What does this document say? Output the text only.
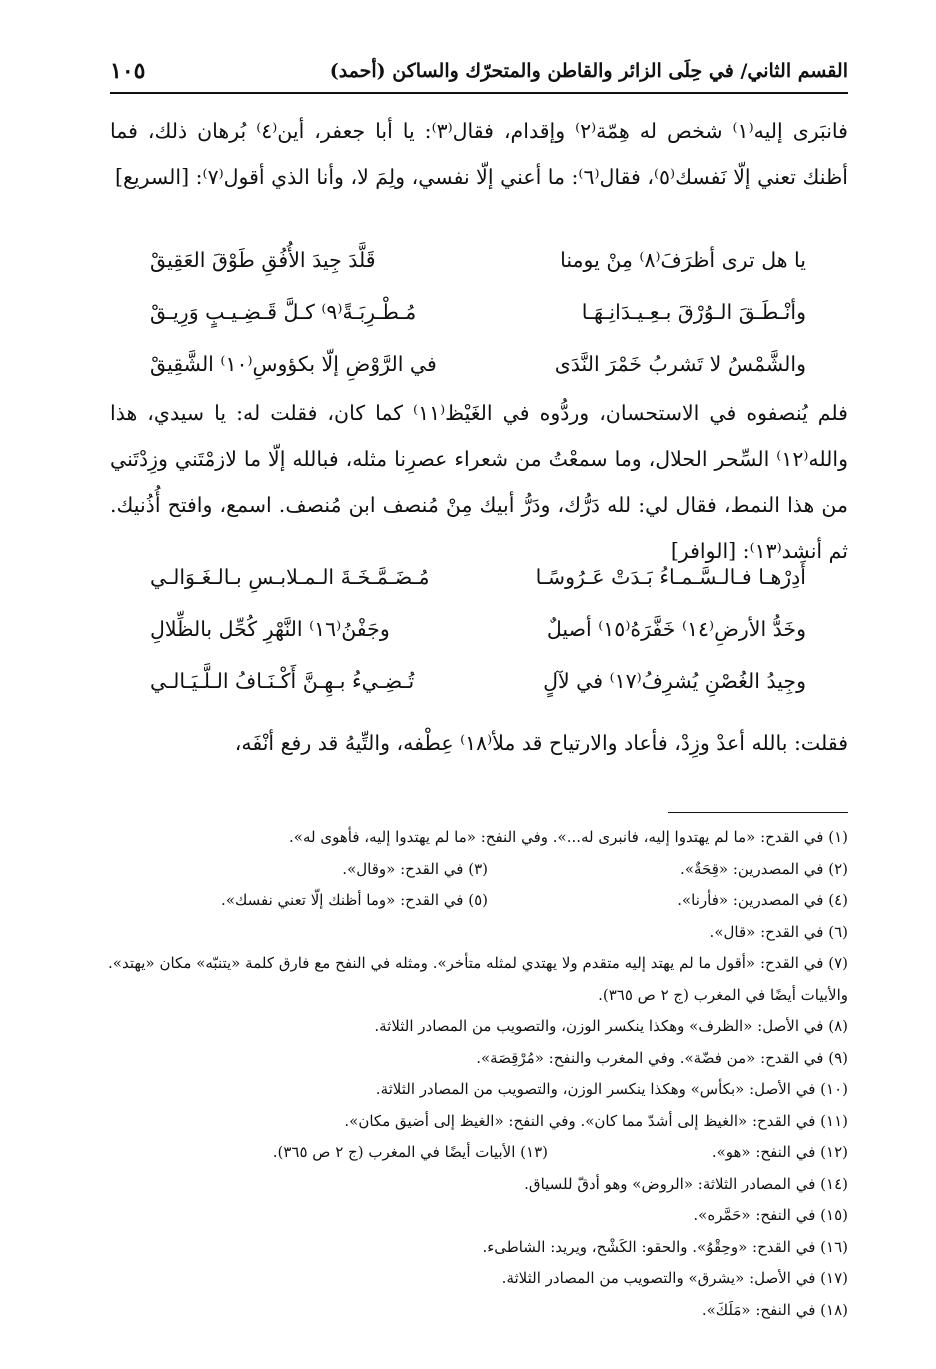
القسم الثاني/ في حِلَى الزائر والقاطن والمتحرّك والساكن (أحمد)
١٠٥

فانبَرى إليه⁽١⁾ شخص له هِمّة⁽٢⁾ وإقدام، فقال⁽٣⁾: يا أبا جعفر، أين⁽٤⁾ بُرهان ذلك، فما أظنك تعني إلّا نَفسك⁽٥⁾، فقال⁽٦⁾: ما أعني إلّا نفسي، ولِمَ لا، وأنا الذي أقول⁽٧⁾: [السريع]

يا هل ترى أظرَفَ⁽٨⁾ مِنْ يومنا
قَلَّدَ جِيدَ الأُفُقِ طَوْقَ العَقِيقْ
وأنْـطَـقَ الـوُرْقَ بـعِـيـدَانِـهَـا
مُـطْـرِبَـةً⁽٩⁾ كـلَّ قَـضِـيـبٍ وَرِيـقْ
والشَّمْسُ لا تَشربُ خَمْرَ النَّدَى
في الرَّوْضِ إلّا بكؤوسِ⁽١٠⁾ الشَّقِيقْ

فلم يُنصفوه في الاستحسان، وردُّوه في الغَيْظ⁽١١⁾ كما كان، فقلت له: يا سيدي، هذا والله⁽١٢⁾ السِّحر الحلال، وما سمعْتُ من شعراء عصرِنا مثله، فبالله إلّا ما لازمْتَني وزِدْتَني من هذا النمط، فقال لي: لله دَرُّك، ودَرُّ أبيك مِنْ مُنصف ابن مُنصف. اسمع، وافتح أُذُنيك. ثم أنشد⁽١٣⁾: [الوافر]

أَدِرْهـا فـالـسَّـمـاءُ بَـدَتْ عَـرُوسًـا
مُـضَـمَّـخَـةَ الـمـلابـسِ بـالـغَـوَالـي
وخَدُّ الأرضِ⁽١٤⁾ خَفَّرَهُ⁽١٥⁾ أصيلٌ
وجَفْنُ⁽١٦⁾ النَّهْرِ كُحِّل بالظِّلالِ
وجِيدُ الغُصْنِ يُشرِفُ⁽١٧⁾ في لآلٍ
تُـضِـيءُ بـهِـنَّ أَكْـنَـافُ الـلَّـيَـالـي

فقلت: بالله أعدْ وزِدْ، فأعاد والارتياح قد ملأ⁽١٨⁾ عِطْفه، والتِّيهُ قد رفع أنْفَه،

(١) في القدح: «ما لم يهتدوا إليه، فانبرى له...». وفي النفح: «ما لم يهتدوا إليه، فأهوى له».
(٢) في المصدرين: «قِحَةٌ».
(٣) في القدح: «وقال».
(٤) في المصدرين: «فأرنا».
(٥) في القدح: «وما أظنك إلّا تعني نفسك».
(٦) في القدح: «قال».
(٧) في القدح: «أقول ما لم يهتد إليه متقدم ولا يهتدي لمثله متأخر». ومثله في النفح مع فارق كلمة «يتنبّه» مكان «يهتد». والأبيات أيضًا في المغرب (ج ٢ ص ٣٦٥).
(٨) في الأصل: «الظرف» وهكذا ينكسر الوزن، والتصويب من المصادر الثلاثة.
(٩) في القدح: «من فضّة». وفي المغرب والنفح: «مُرْقِصَة».
(١٠) في الأصل: «بكأس» وهكذا ينكسر الوزن، والتصويب من المصادر الثلاثة.
(١١) في القدح: «الغيظ إلى أشدّ مما كان». وفي النفح: «الغيظ إلى أضيق مكان».
(١٢) في النفح: «هو».
(١٣) الأبيات أيضًا في المغرب (ج ٢ ص ٣٦٥).
(١٤) في المصادر الثلاثة: «الروض» وهو أدقّ للسياق.
(١٥) في النفح: «حَمَّره».
(١٦) في القدح: «وحِقْوُ». والحقو: الكَشْح، ويريد: الشاطىء.
(١٧) في الأصل: «يشرق» والتصويب من المصادر الثلاثة.
(١٨) في النفح: «مَلَكَ».
